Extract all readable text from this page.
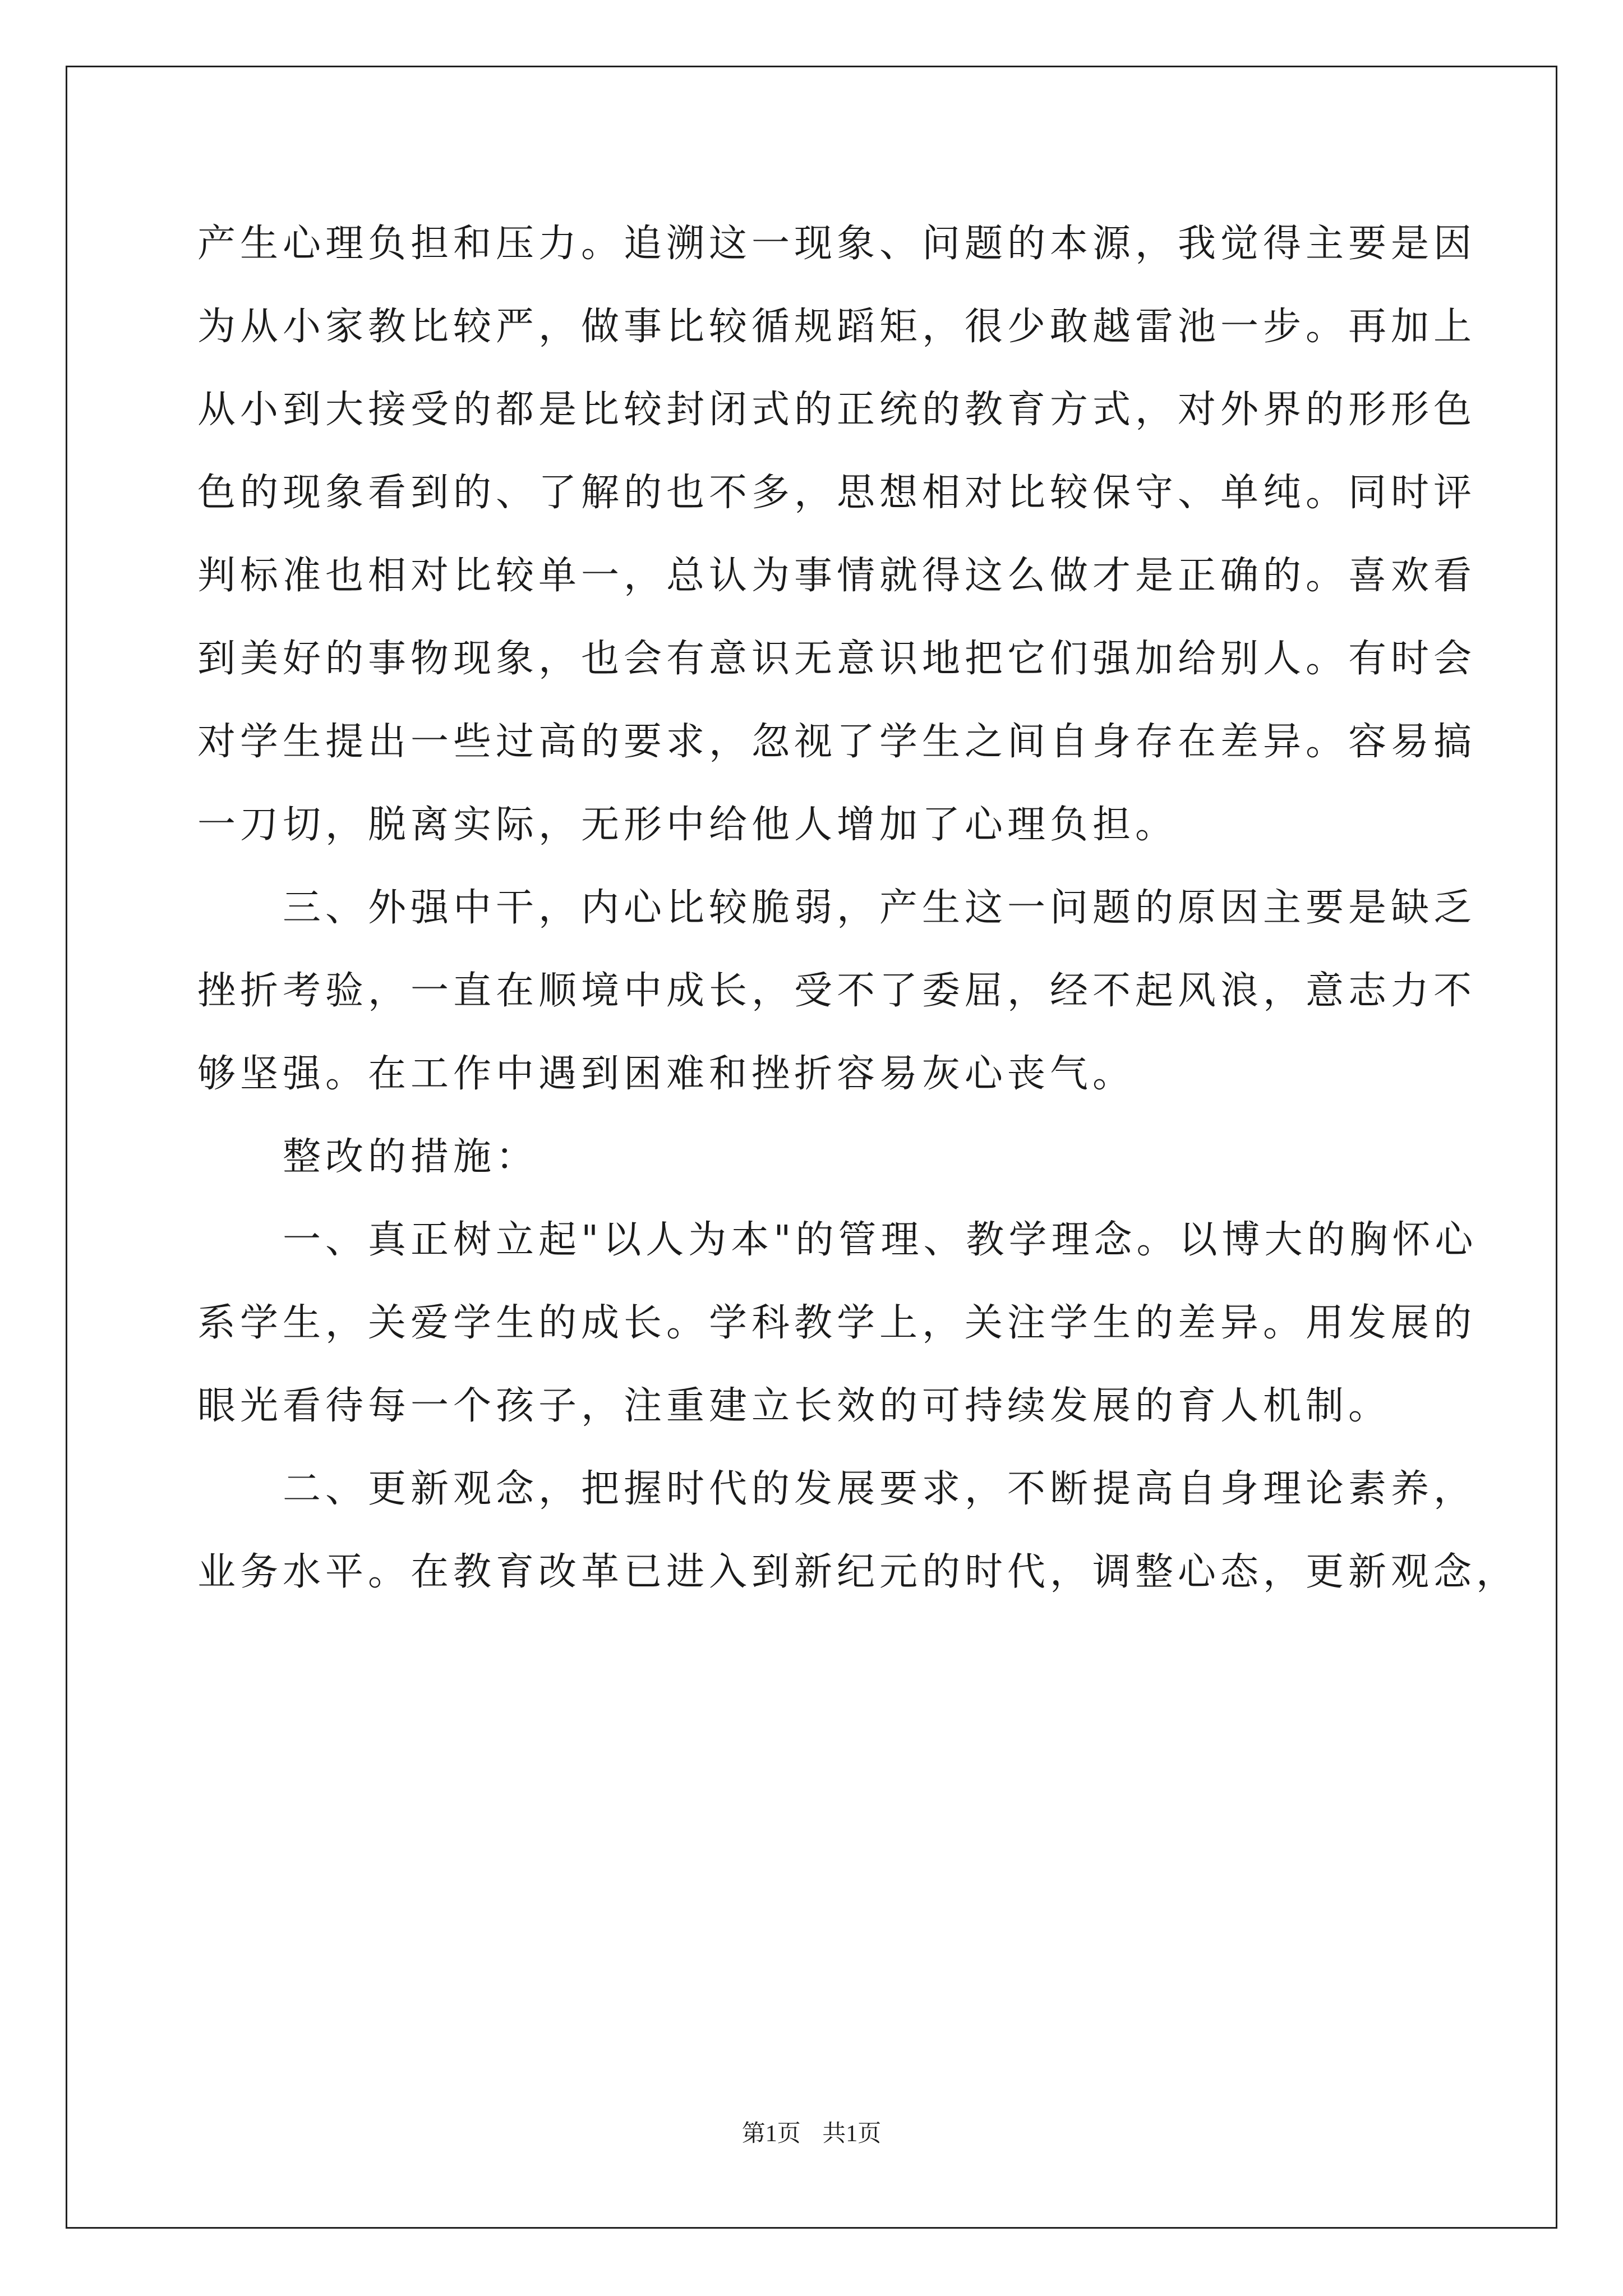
产生心理负担和压力。追溯这一现象、问题的本源，我觉得主要是因

为从小家教比较严，做事比较循规蹈矩，很少敢越雷池一步。再加上

从小到大接受的都是比较封闭式的正统的教育方式，对外界的形形色

色的现象看到的、了解的也不多，思想相对比较保守、单纯。同时评

判标准也相对比较单一，总认为事情就得这么做才是正确的。喜欢看

到美好的事物现象，也会有意识无意识地把它们强加给别人。有时会

对学生提出一些过高的要求，忽视了学生之间自身存在差异。容易搞

一刀切，脱离实际，无形中给他人增加了心理负担。

三、外强中干，内心比较脆弱，产生这一问题的原因主要是缺乏

挫折考验，一直在顺境中成长，受不了委屈，经不起风浪，意志力不

够坚强。在工作中遇到困难和挫折容易灰心丧气。

整改的措施：

一、真正树立起"以人为本"的管理、教学理念。以博大的胸怀心

系学生，关爱学生的成长。学科教学上，关注学生的差异。用发展的

眼光看待每一个孩子，注重建立长效的可持续发展的育人机制。

二、更新观念，把握时代的发展要求，不断提高自身理论素养，

业务水平。在教育改革已进入到新纪元的时代，调整心态，更新观念，

第1页 共1页
